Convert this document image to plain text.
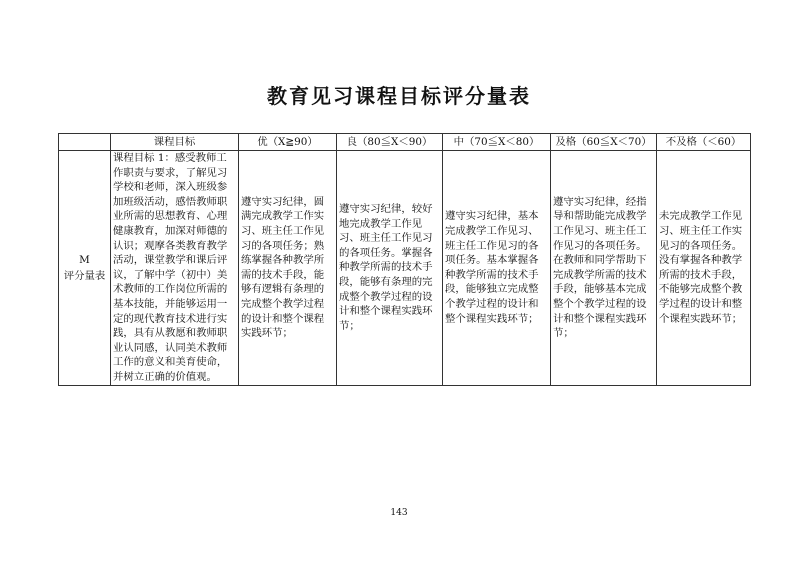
教育见习课程目标评分量表
	课程目标	优（X≧90）	良（80≦X＜90）	中（70≦X＜80）	及格（60≦X＜70）	不及格（＜60）

M
评分量表	课程目标 1：感受教师工作职责与要求，了解见习学校和老师，深入班级参加班级活动，感悟教师职业所需的思想教育、心理健康教育，加深对师德的认识；观摩各类教育教学活动，课堂教学和课后评议，了解中学（初中）美术教师的工作岗位所需的基本技能，并能够运用一定的现代教育技术进行实践，具有从教愿和教师职业认同感，认同美术教师工作的意义和美育使命，并树立正确的价值观。	遵守实习纪律，圆满完成教学工作实习、班主任工作见习的各项任务；熟练掌握各种教学所需的技术手段，能够有逻辑有条理的完成整个教学过程的设计和整个课程实践环节；	遵守实习纪律，较好地完成教学工作见习、班主任工作见习的各项任务。掌握各种教学所需的技术手段，能够有条理的完成整个教学过程的设计和整个课程实践环节；	遵守实习纪律，基本完成教学工作见习、班主任工作见习的各项任务。基本掌握各种教学所需的技术手段，能够独立完成整个教学过程的设计和整个课程实践环节；	遵守实习纪律，经指导和帮助能完成教学工作见习、班主任工作见习的各项任务。在教师和同学帮助下完成教学所需的技术手段，能够基本完成整个个教学过程的设计和整个课程实践环节；	未完成教学工作见习、班主任工作实见习的各项任务。没有掌握各种教学所需的技术手段，不能够完成整个教学过程的设计和整个课程实践环节；
143
